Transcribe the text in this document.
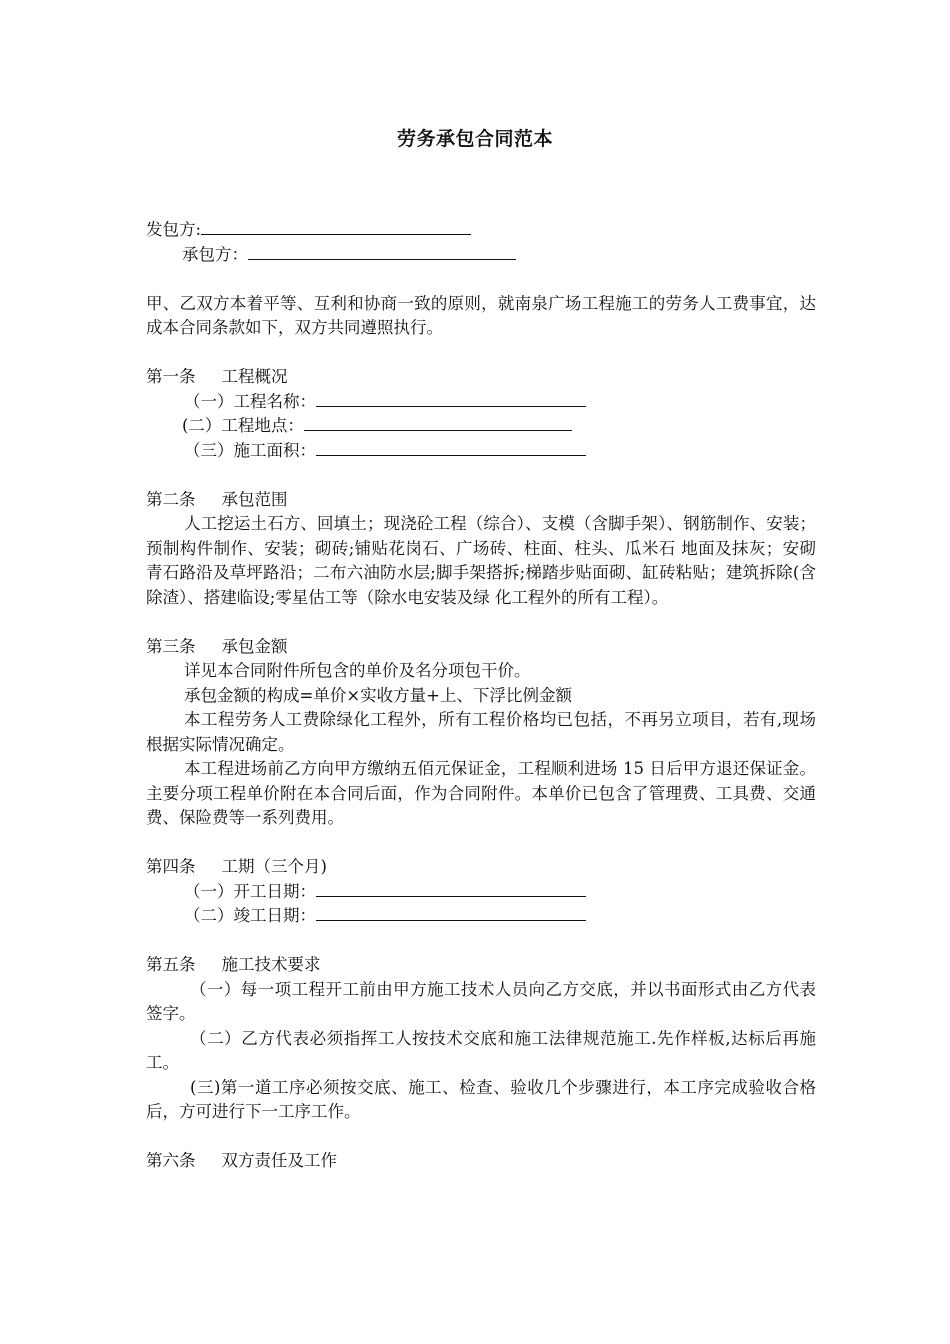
劳务承包合同范本
发包方:
承包方：
甲、乙双方本着平等、互利和协商一致的原则，就南泉广场工程施工的劳务人工费事宜，达成本合同条款如下，双方共同遵照执行。
第一条 工程概况
（一）工程名称：
(二）工程地点：
（三）施工面积：
第二条 承包范围
人工挖运土石方、回填土；现浇砼工程（综合）、支模（含脚手架）、钢筋制作、安装；预制构件制作、安装；砌砖;铺贴花岗石、广场砖、柱面、柱头、瓜米石 地面及抹灰；安砌青石路沿及草坪路沿；二布六油防水层;脚手架搭拆;梯踏步贴面砌、缸砖粘贴；建筑拆除(含除渣）、搭建临设;零星估工等（除水电安装及绿 化工程外的所有工程）。
第三条 承包金额
详见本合同附件所包含的单价及名分项包干价。
承包金额的构成=单价×实收方量+上、下浮比例金额
本工程劳务人工费除绿化工程外，所有工程价格均已包括，不再另立项目，若有,现场根据实际情况确定。
本工程进场前乙方向甲方缴纳五佰元保证金，工程顺利进场 15 日后甲方退还保证金。主要分项工程单价附在本合同后面，作为合同附件。本单价已包含了管理费、工具费、交通费、保险费等一系列费用。
第四条 工期（三个月)
（一）开工日期：
（二）竣工日期：
第五条 施工技术要求
（一）每一项工程开工前由甲方施工技术人员向乙方交底，并以书面形式由乙方代表签字。
（二）乙方代表必须指挥工人按技术交底和施工法律规范施工.先作样板,达标后再施工。
(三)第一道工序必须按交底、施工、检查、验收几个步骤进行，本工序完成验收合格后，方可进行下一工序工作。
第六条 双方责任及工作
